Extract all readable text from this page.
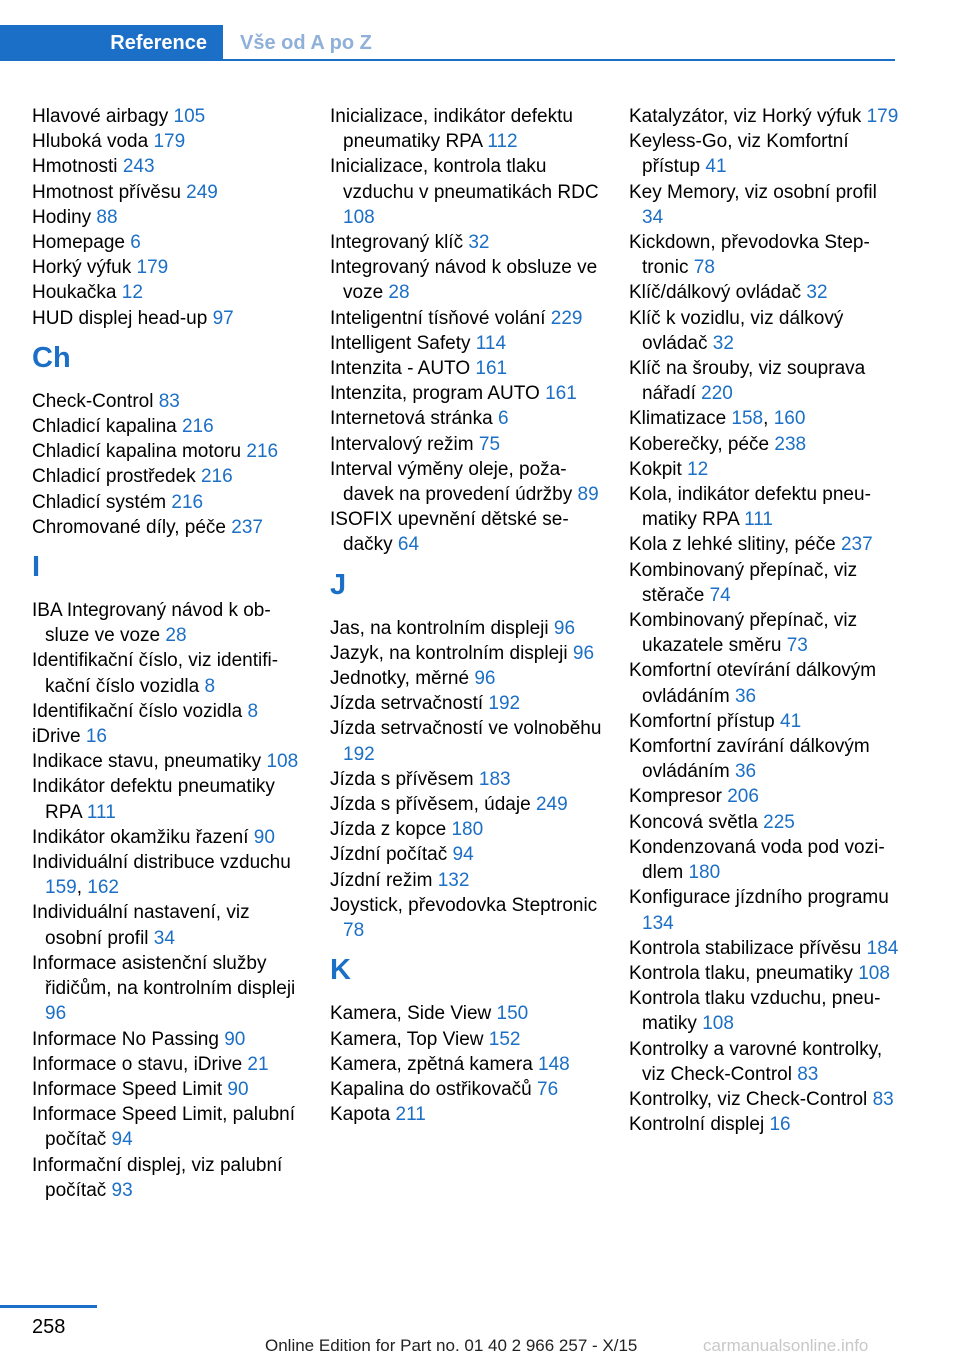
Reference	Vše od A po Z
Hlavové airbagy 105
Hluboká voda 179
Hmotnosti 243
Hmotnost přívěsu 249
Hodiny 88
Homepage 6
Horký výfuk 179
Houkačka 12
HUD displej head-up 97
Ch
Check-Control 83
Chladicí kapalina 216
Chladicí kapalina motoru 216
Chladicí prostředek 216
Chladicí systém 216
Chromované díly, péče 237
I
IBA Integrovaný návod k obsluze ve voze 28
Identifikační číslo, viz identifikační číslo vozidla 8
Identifikační číslo vozidla 8
iDrive 16
Indikace stavu, pneumatiky 108
Indikátor defektu pneumatiky RPA 111
Indikátor okamžiku řazení 90
Individuální distribuce vzduchu 159, 162
Individuální nastavení, viz osobní profil 34
Informace asistenční služby řidičům, na kontrolním displeji 96
Informace No Passing 90
Informace o stavu, iDrive 21
Informace Speed Limit 90
Informace Speed Limit, palubní počítač 94
Informační displej, viz palubní počítač 93
Inicializace, indikátor defektu pneumatiky RPA 112
Inicializace, kontrola tlaku vzduchu v pneumatikách RDC 108
Integrovaný klíč 32
Integrovaný návod k obsluze ve voze 28
Inteligentní tísňové volání 229
Intelligent Safety 114
Intenzita - AUTO 161
Intenzita, program AUTO 161
Internetová stránka 6
Intervalový režim 75
Interval výměny oleje, požadavek na provedení údržby 89
ISOFIX upevnění dětské sedačky 64
J
Jas, na kontrolním displeji 96
Jazyk, na kontrolním displeji 96
Jednotky, měrné 96
Jízda setrvačností 192
Jízda setrvačností ve volnoběhu 192
Jízda s přívěsem 183
Jízda s přívěsem, údaje 249
Jízda z kopce 180
Jízdní počítač 94
Jízdní režim 132
Joystick, převodovka Steptronic 78
K
Kamera, Side View 150
Kamera, Top View 152
Kamera, zpětná kamera 148
Kapalina do ostřikovačů 76
Kapota 211
Katalyzátor, viz Horký výfuk 179
Keyless-Go, viz Komfortní přístup 41
Key Memory, viz osobní profil 34
Kickdown, převodovka Steptronic 78
Klíč/dálkový ovládač 32
Klíč k vozidlu, viz dálkový ovládač 32
Klíč na šrouby, viz souprava nářadí 220
Klimatizace 158, 160
Koberečky, péče 238
Kokpit 12
Kola, indikátor defektu pneumatiky RPA 111
Kola z lehké slitiny, péče 237
Kombinovaný přepínač, viz stěrače 74
Kombinovaný přepínač, viz ukazatele směru 73
Komfortní otevírání dálkovým ovládáním 36
Komfortní přístup 41
Komfortní zavírání dálkovým ovládáním 36
Kompresor 206
Koncová světla 225
Kondenzovaná voda pod vozidlem 180
Konfigurace jízdního programu 134
Kontrola stabilizace přívěsu 184
Kontrola tlaku, pneumatiky 108
Kontrola tlaku vzduchu, pneumatiky 108
Kontrolky a varovné kontrolky, viz Check-Control 83
Kontrolky, viz Check-Control 83
Kontrolní displej 16
258
Online Edition for Part no. 01 40 2 966 257 - X/15	carmanualsonline.info
